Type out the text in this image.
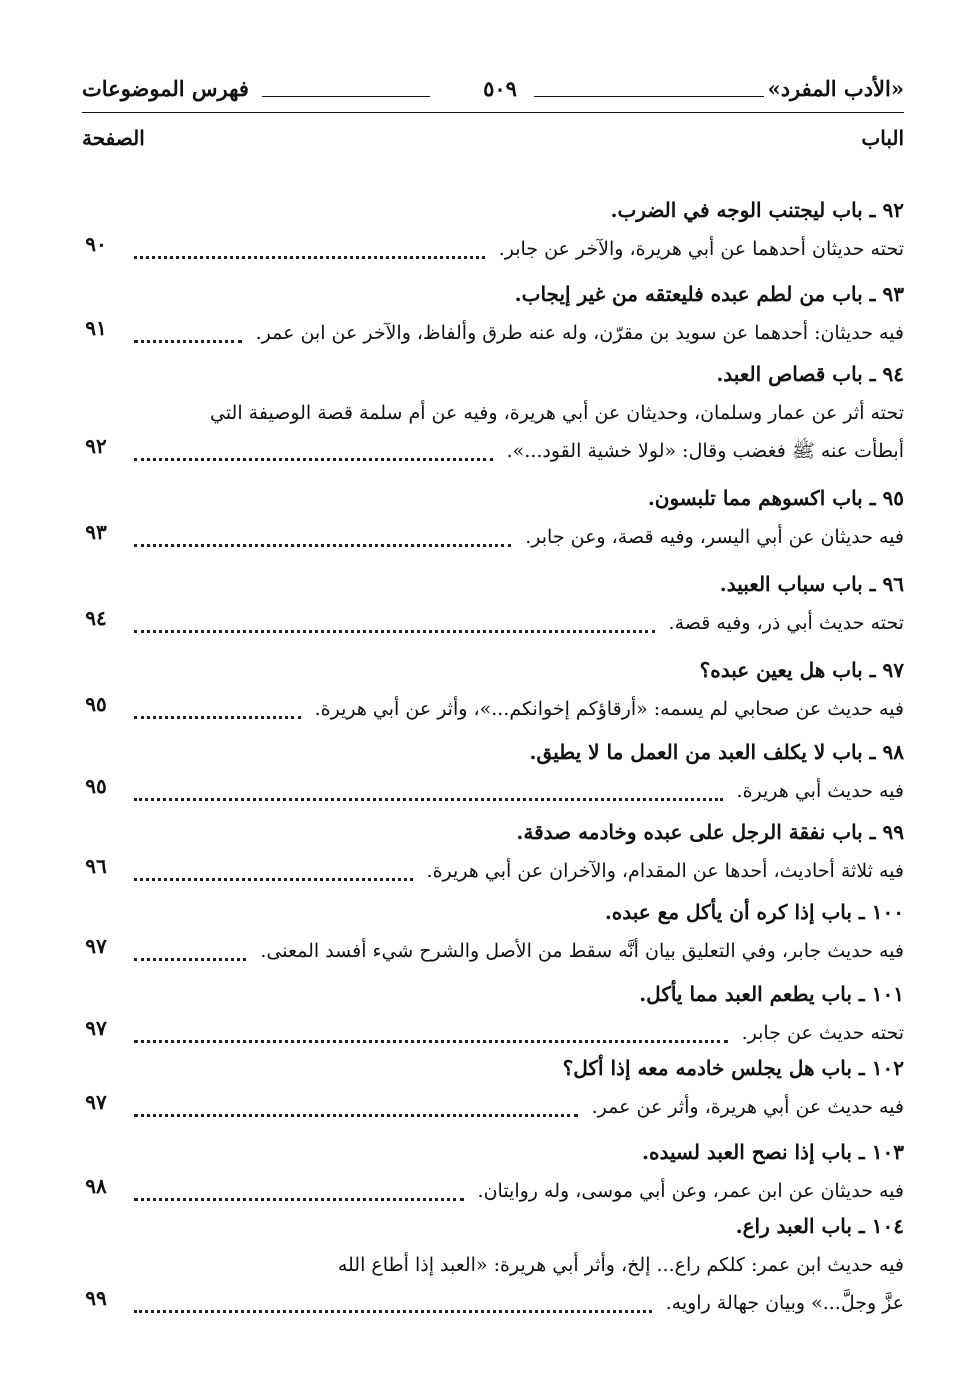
«الأدب المفرد»
٥٠٩
فهرس الموضوعات
الباب
الصفحة
٩٢ ـ باب ليجتنب الوجه في الضرب.
تحته حديثان أحدهما عن أبي هريرة، والآخر عن جابر.
٩٠
٩٣ ـ باب من لطم عبده فليعتقه من غير إيجاب.
فيه حديثان: أحدهما عن سويد بن مقرّن، وله عنه طرق وألفاظ، والآخر عن ابن عمر.
٩١
٩٤ ـ باب قصاص العبد.
تحته أثر عن عمار وسلمان، وحديثان عن أبي هريرة، وفيه عن أم سلمة قصة الوصيفة التي
أبطأت عنه ﷺ فغضب وقال: «لولا خشية القود...».
٩٢
٩٥ ـ باب اكسوهم مما تلبسون.
فيه حديثان عن أبي اليسر، وفيه قصة، وعن جابر.
٩٣
٩٦ ـ باب سباب العبيد.
تحته حديث أبي ذر، وفيه قصة.
٩٤
٩٧ ـ باب هل يعين عبده؟
فيه حديث عن صحابي لم يسمه: «أرقاؤكم إخوانكم...»، وأثر عن أبي هريرة.
٩٥
٩٨ ـ باب لا يكلف العبد من العمل ما لا يطيق.
فيه حديث أبي هريرة.
٩٥
٩٩ ـ باب نفقة الرجل على عبده وخادمه صدقة.
فيه ثلاثة أحاديث، أحدها عن المقدام، والآخران عن أبي هريرة.
٩٦
١٠٠ ـ باب إذا كره أن يأكل مع عبده.
فيه حديث جابر، وفي التعليق بيان أنَّه سقط من الأصل والشرح شيء أفسد المعنى.
٩٧
١٠١ ـ باب يطعم العبد مما يأكل.
تحته حديث عن جابر.
٩٧
١٠٢ ـ باب هل يجلس خادمه معه إذا أكل؟
فيه حديث عن أبي هريرة، وأثر عن عمر.
٩٧
١٠٣ ـ باب إذا نصح العبد لسيده.
فيه حديثان عن ابن عمر، وعن أبي موسى، وله روايتان.
٩٨
١٠٤ ـ باب العبد راع.
فيه حديث ابن عمر: كلكم راع... إلخ، وأثر أبي هريرة: «العبد إذا أطاع الله
عزَّ وجلَّ...» وبيان جهالة راويه.
٩٩
